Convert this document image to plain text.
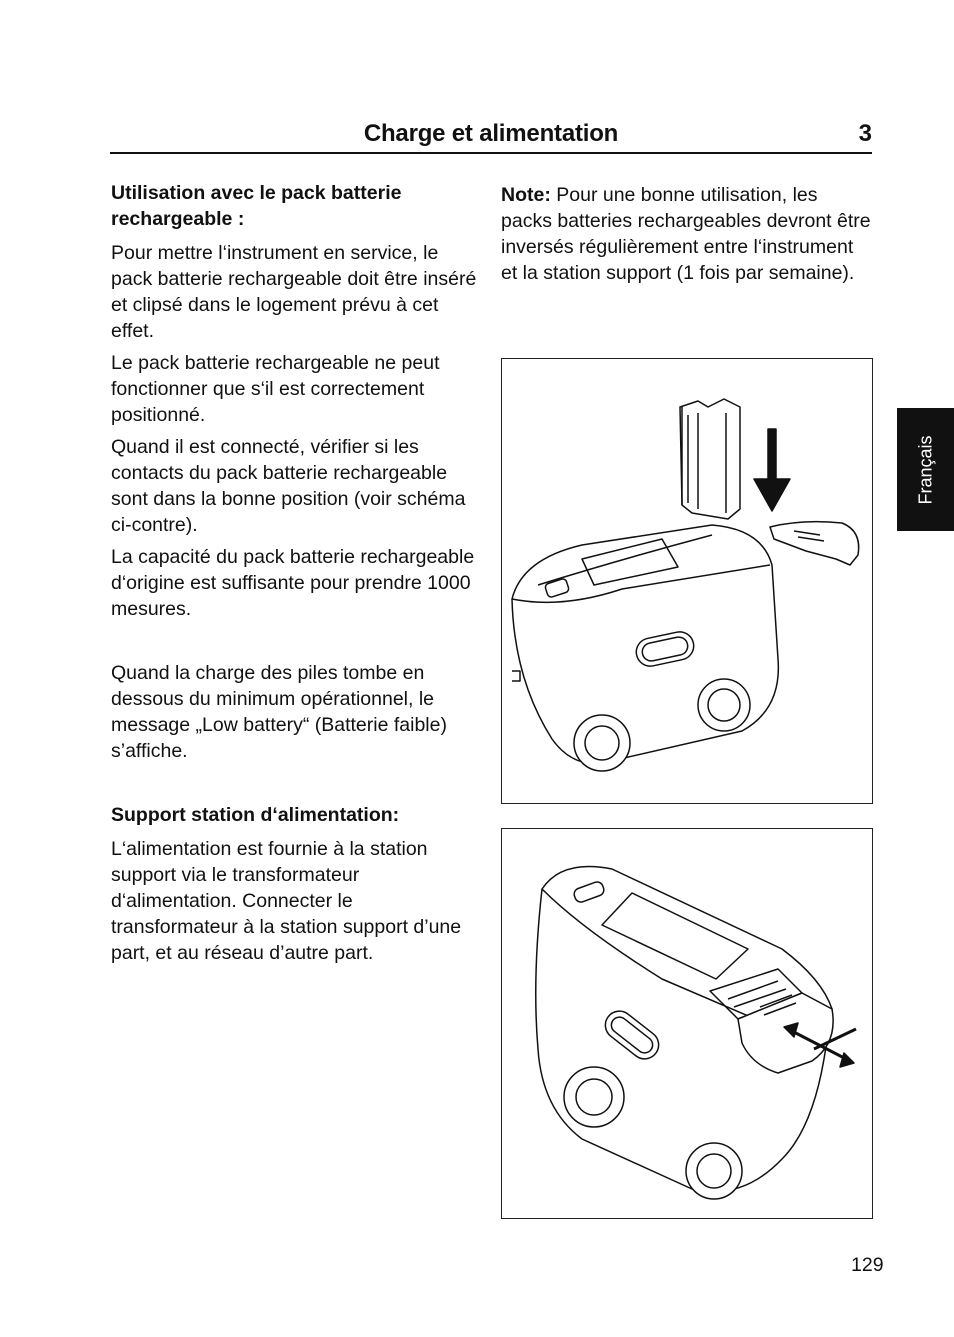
Charge et alimentation	3
Utilisation avec le pack batterie rechargeable :

Pour mettre l‘instrument en service, le pack batterie rechargeable doit être inséré et clipsé dans le logement prévu à cet effet.

Le pack batterie rechargeable ne peut fonctionner que s‘il est correctement positionné.

Quand il est connecté, vérifier si les contacts du pack batterie rechargeable sont dans la bonne position (voir schéma ci-contre).

La capacité du pack batterie rechargeable d‘origine est suffisante pour prendre 1000 mesures.

Quand la charge des piles tombe en dessous du minimum opérationnel, le message „Low battery“ (Batterie faible) s’affiche.

Support station d‘alimentation:

L‘alimentation est fournie à la station support via le transformateur d‘alimentation. Connecter le transformateur à la station support d’une part, et au réseau d’autre part.

Note: Pour une bonne utilisation, les packs batteries rechargeables devront être inversés régulièrement entre l‘instrument et la station support (1 fois par semaine).

Français
129
